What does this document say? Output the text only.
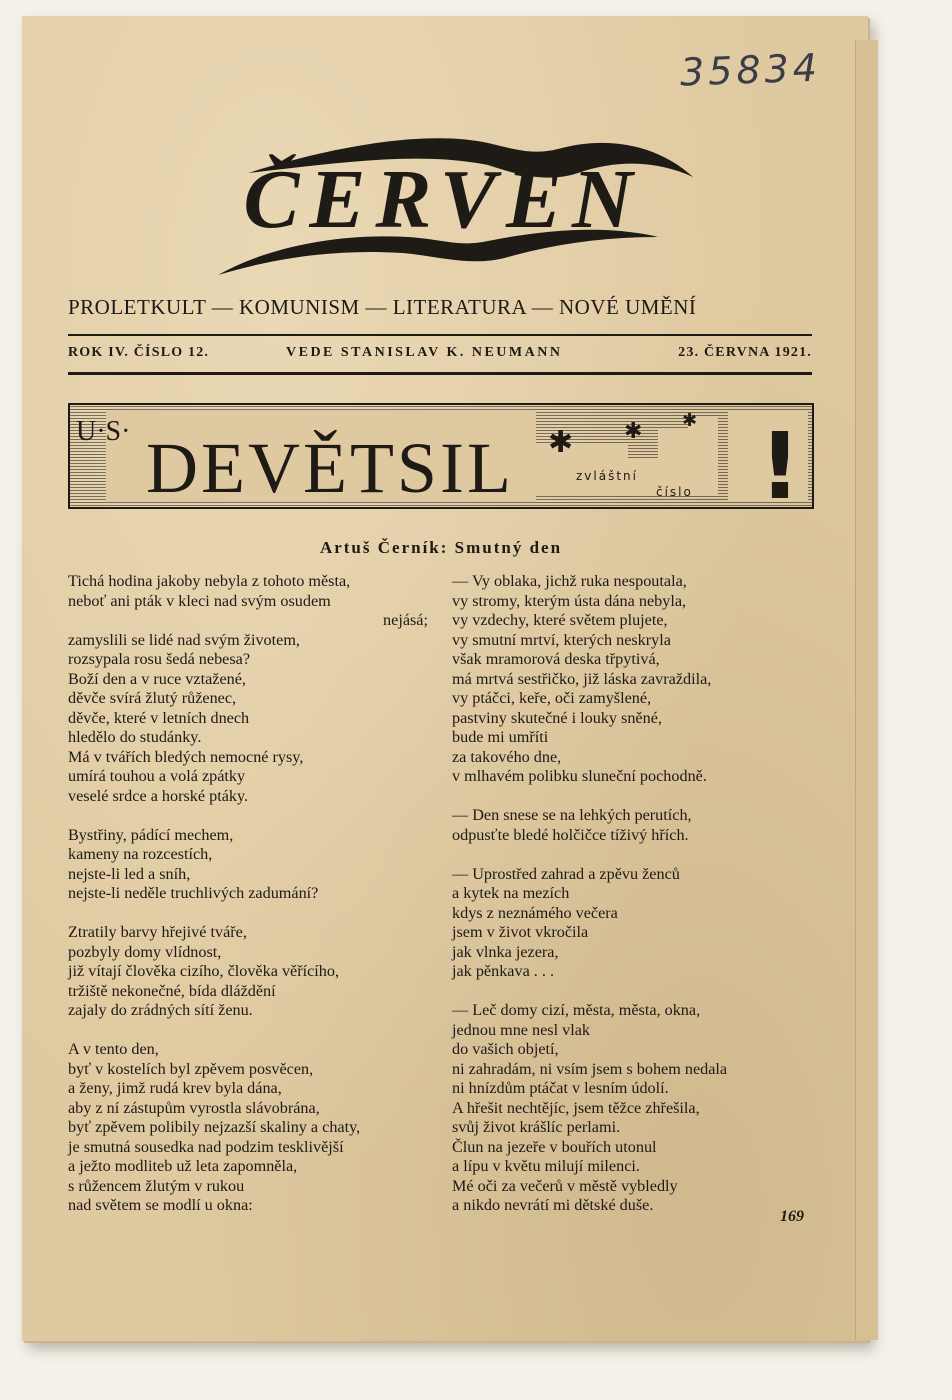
35834
ČERVEN
PROLETKULT — KOMUNISM — LITERATURA — NOVÉ UMĚNÍ
ROK IV. ČÍSLO 12.	VEDE STANISLAV K. NEUMANN	23. ČERVNA 1921.
U·S· DEVĚTSIL ✱ ✱ ✱
zvláštní
číslo !
Artuš Černík: Smutný den
Tichá hodina jakoby nebyla z tohoto města,
neboť ani pták v kleci nad svým osudem
nejásá;
zamyslili se lidé nad svým životem,
rozsypala rosu šedá nebesa?
Boží den a v ruce vztažené,
děvče svírá žlutý růženec,
děvče, které v letních dnech
hledělo do studánky.
Má v tvářích bledých nemocné rysy,
umírá touhou a volá zpátky
veselé srdce a horské ptáky.
Bystřiny, pádící mechem,
kameny na rozcestích,
nejste-li led a sníh,
nejste-li neděle truchlivých zadumání?
Ztratily barvy hřejivé tváře,
pozbyly domy vlídnost,
již vítají člověka cizího, člověka věřícího,
tržiště nekonečné, bída dláždění
zajaly do zrádných sítí ženu.
A v tento den,
byť v kostelích byl zpěvem posvěcen,
a ženy, jimž rudá krev byla dána,
aby z ní zástupům vyrostla slávobrána,
byť zpěvem polibily nejzazší skaliny a chaty,
je smutná sousedka nad podzim tesklivější
a ježto modliteb už leta zapomněla,
s růžencem žlutým v rukou
nad světem se modlí u okna:
— Vy oblaka, jichž ruka nespoutala,
vy stromy, kterým ústa dána nebyla,
vy vzdechy, které světem plujete,
vy smutní mrtví, kterých neskryla
však mramorová deska třpytivá,
má mrtvá sestřičko, již láska zavraždila,
vy ptáčci, keře, oči zamyšlené,
pastviny skutečné i louky sněné,
bude mi umříti
za takového dne,
v mlhavém polibku sluneční pochodně.
— Den snese se na lehkých perutích,
odpusťte bledé holčičce tíživý hřích.
— Uprostřed zahrad a zpěvu ženců
a kytek na mezích
kdys z neznámého večera
jsem v život vkročila
jak vlnka jezera,
jak pěnkava . . .
— Leč domy cizí, města, města, okna,
jednou mne nesl vlak
do vašich objetí,
ni zahradám, ni vsím jsem s bohem nedala
ni hnízdům ptáčat v lesním údolí.
A hřešit nechtějíc, jsem těžce zhřešila,
svůj život krášlíc perlami.
Člun na jezeře v bouřích utonul
a lípu v květu milují milenci.
Mé oči za večerů v městě vybledly
a nikdo nevrátí mi dětské duše.
169
